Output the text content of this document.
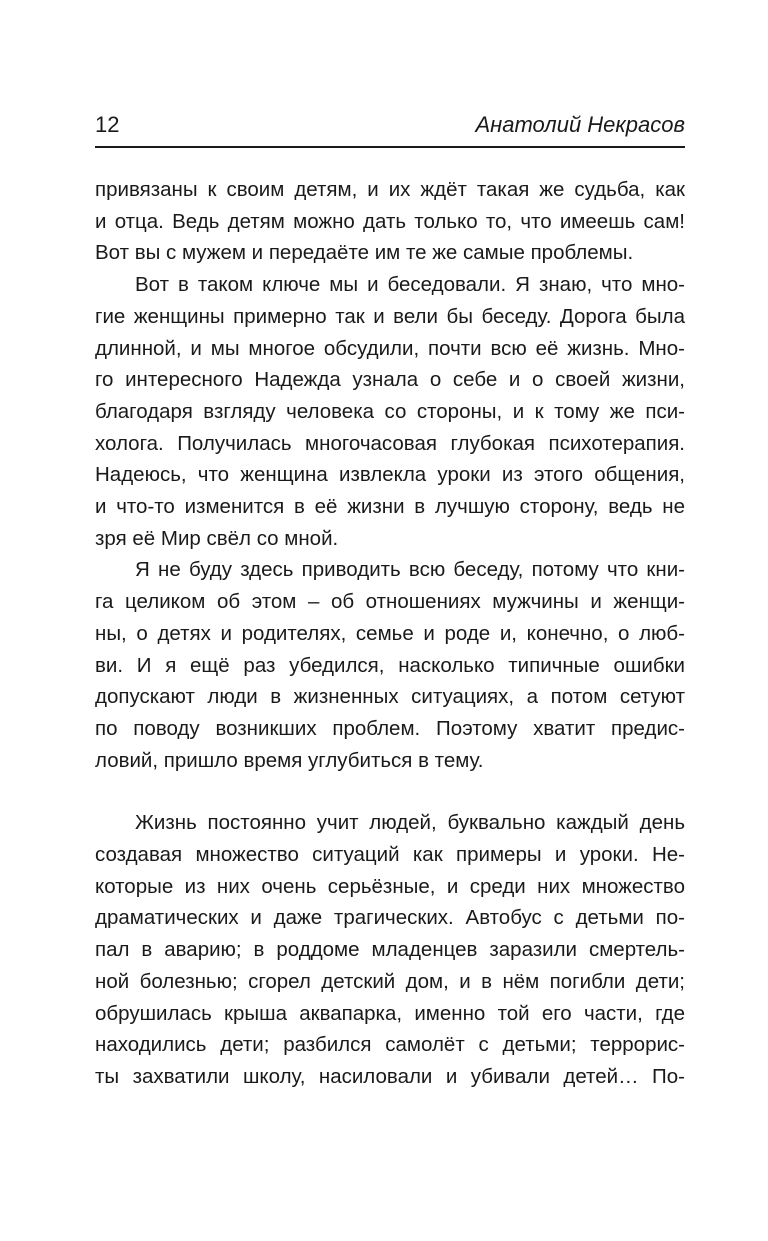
12	Анатолий Некрасов
привязаны к своим детям, и их ждёт такая же судьба, как
и отца. Ведь детям можно дать только то, что имеешь сам!
Вот вы с мужем и передаёте им те же самые проблемы.
Вот в таком ключе мы и беседовали. Я знаю, что мно-
гие женщины примерно так и вели бы беседу. Дорога была
длинной, и мы многое обсудили, почти всю её жизнь. Мно-
го интересного Надежда узнала о себе и о своей жизни,
благодаря взгляду человека со стороны, и к тому же пси-
холога. Получилась многочасовая глубокая психотерапия.
Надеюсь, что женщина извлекла уроки из этого общения,
и что-то изменится в её жизни в лучшую сторону, ведь не
зря её Мир свёл со мной.
Я не буду здесь приводить всю беседу, потому что кни-
га целиком об этом – об отношениях мужчины и женщи-
ны, о детях и родителях, семье и роде и, конечно, о люб-
ви. И я ещё раз убедился, насколько типичные ошибки
допускают люди в жизненных ситуациях, а потом сетуют
по поводу возникших проблем. Поэтому хватит предис-
ловий, пришло время углубиться в тему.
Жизнь постоянно учит людей, буквально каждый день
создавая множество ситуаций как примеры и уроки. Не-
которые из них очень серьёзные, и среди них множество
драматических и даже трагических. Автобус с детьми по-
пал в аварию; в роддоме младенцев заразили смертель-
ной болезнью; сгорел детский дом, и в нём погибли дети;
обрушилась крыша аквапарка, именно той его части, где
находились дети; разбился самолёт с детьми; террорис-
ты захватили школу, насиловали и убивали детей… По-
